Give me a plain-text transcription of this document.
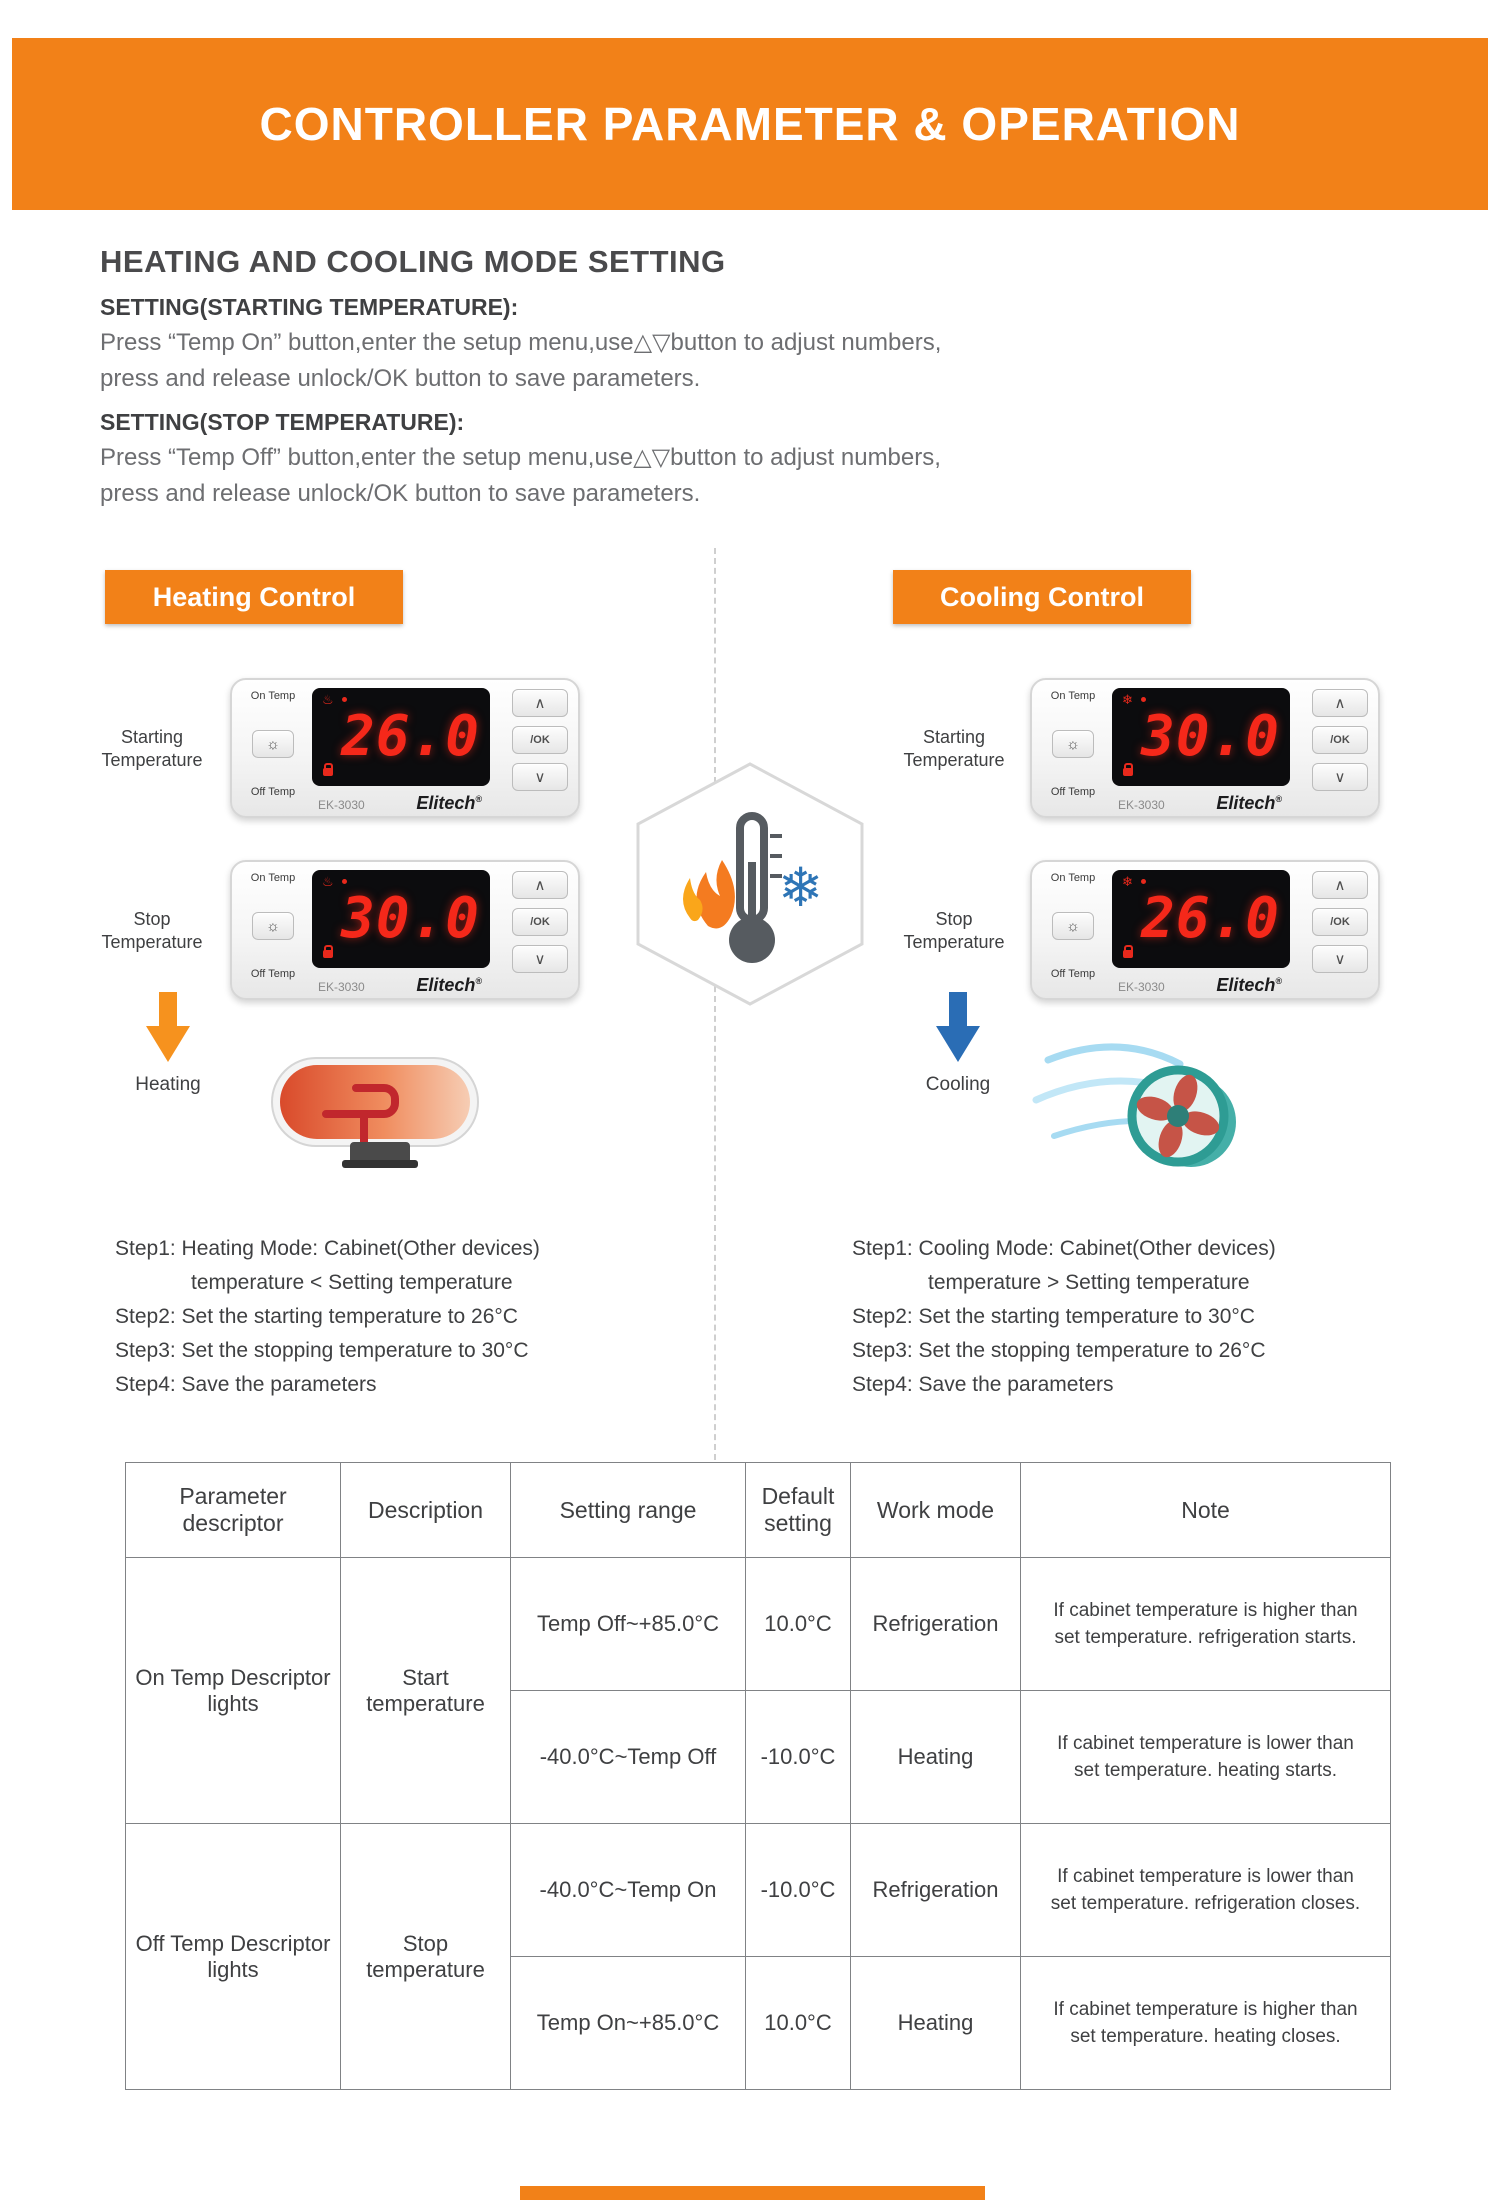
CONTROLLER PARAMETER & OPERATION
HEATING AND COOLING MODE SETTING
SETTING(STARTING TEMPERATURE):
Press “Temp On” button,enter the setup menu,use△▽button to adjust numbers,
press and release unlock/OK button to save parameters.
SETTING(STOP TEMPERATURE):
Press “Temp Off” button,enter the setup menu,use△▽button to adjust numbers,
press and release unlock/OK button to save parameters.
Heating Control	Cooling Control
Starting Temperature
Stop Temperature
Starting Temperature
Stop Temperature
On Temp
☼
Off Temp
♨
26.0
∧
/OK
∨
EK-3030	Elitech®
On Temp
☼
Off Temp
♨
30.0
∧
/OK
∨
EK-3030	Elitech®
On Temp
☼
Off Temp
❄
30.0
∧
/OK
∨
EK-3030	Elitech®
On Temp
☼
Off Temp
❄
26.0
∧
/OK
∨
EK-3030	Elitech®
❄
Heating	Cooling
Step1: Heating Mode: Cabinet(Other devices)
temperature < Setting temperature
Step2: Set the starting temperature to 26°C
Step3: Set the stopping temperature to 30°C
Step4: Save the parameters
Step1: Cooling Mode: Cabinet(Other devices)
temperature > Setting temperature
Step2: Set the starting temperature to 30°C
Step3: Set the stopping temperature to 26°C
Step4: Save the parameters
Parameter descriptor	Description	Setting range	Default setting	Work mode	Note
On Temp Descriptor lights	Start temperature	Temp Off~+85.0°C	10.0°C	Refrigeration	If cabinet temperature is higher than set temperature. refrigeration starts.
		-40.0°C~Temp Off	-10.0°C	Heating	If cabinet temperature is lower than set temperature. heating starts.
Off Temp Descriptor lights	Stop temperature	-40.0°C~Temp On	-10.0°C	Refrigeration	If cabinet temperature is lower than set temperature. refrigeration closes.
		Temp On~+85.0°C	10.0°C	Heating	If cabinet temperature is higher than set temperature. heating closes.
